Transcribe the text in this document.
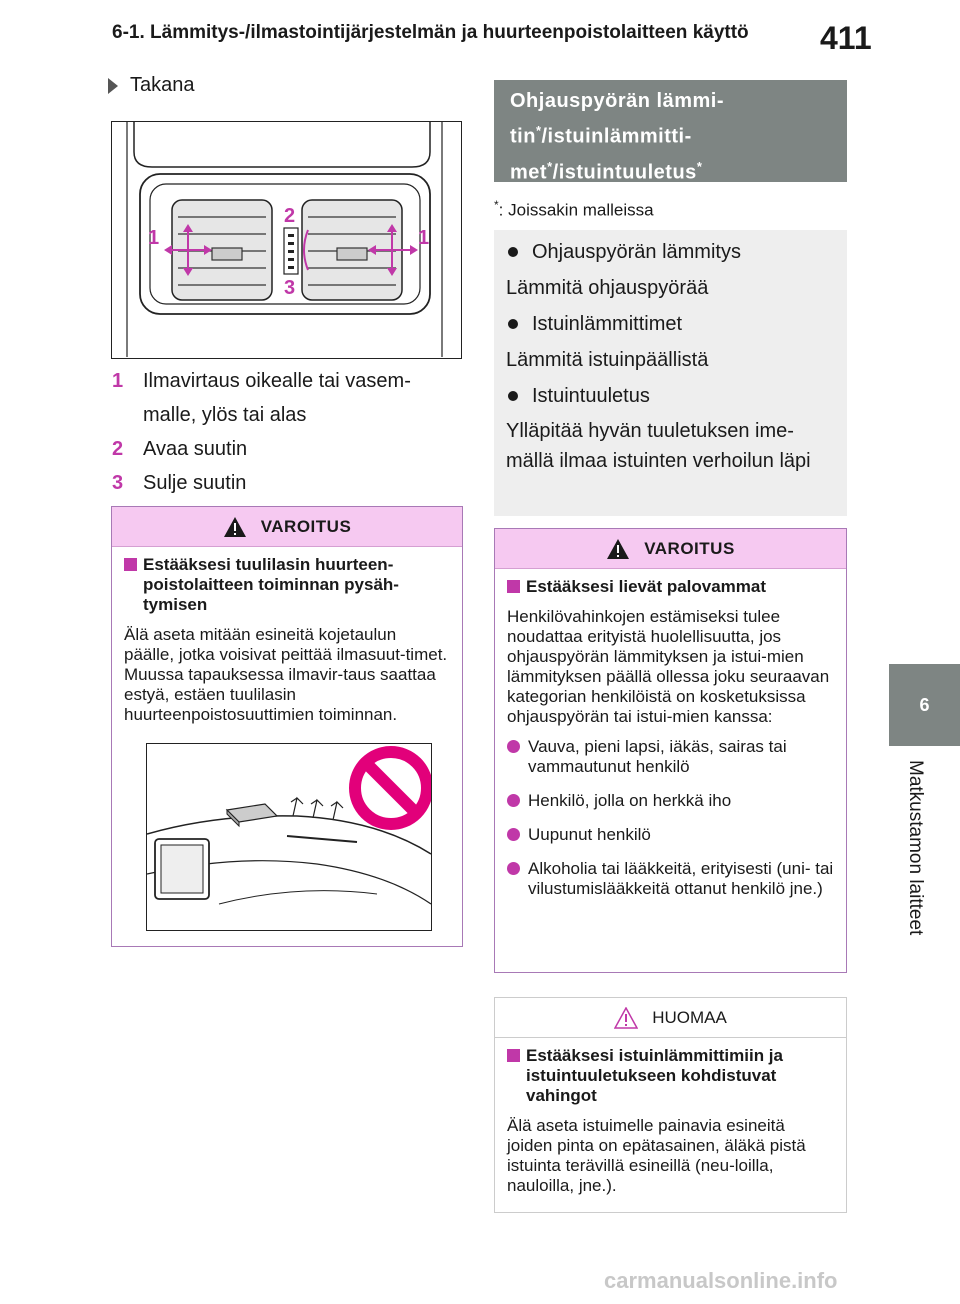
6-1. Lämmitys-/ilmastointijärjestelmän ja huurteenpoistolaitteen käyttö 411
6
Matkustamon laitteet
Takana
1
2
1
3
1 Ilmavirtaus oikealle tai vasem-malle, ylös tai alas
2 Avaa suutin
3 Sulje suutin
VAROITUS
Estääksesi tuulilasin huurteen-poistolaitteen toiminnan pysäh-tymisen
Älä aseta mitään esineitä kojetaulun päälle, jotka voisivat peittää ilmasuut-timet. Muussa tapauksessa ilmavir-taus saattaa estyä, estäen tuulilasin huurteenpoistosuuttimien toiminnan.
Ohjauspyörän lämmi-
tin*/istuinlämmitti-
met*/istuintuuletus*
*: Joissakin malleissa
Ohjauspyörän lämmitys
Lämmitä ohjauspyörää
Istuinlämmittimet
Lämmitä istuinpäällistä
Istuintuuletus
Ylläpitää hyvän tuuletuksen ime-mällä ilmaa istuinten verhoilun läpi
VAROITUS
Estääksesi lievät palovammat
Henkilövahinkojen estämiseksi tulee noudattaa erityistä huolellisuutta, jos ohjauspyörän lämmityksen ja istui-mien lämmityksen päällä ollessa joku seuraavan kategorian henkilöistä on kosketuksissa ohjauspyörän tai istui-mien kanssa:
Vauva, pieni lapsi, iäkäs, sairas tai vammautunut henkilö
Henkilö, jolla on herkkä iho
Uupunut henkilö
Alkoholia tai lääkkeitä, erityisesti (uni- tai vilustumislääkkeitä ottanut henkilö jne.)
HUOMAA
Estääksesi istuinlämmittimiin ja istuintuuletukseen kohdistuvat vahingot
Älä aseta istuimelle painavia esineitä joiden pinta on epätasainen, äläkä pistä istuinta terävillä esineillä (neu-loilla, nauloilla, jne.).
carmanualsonline.info
